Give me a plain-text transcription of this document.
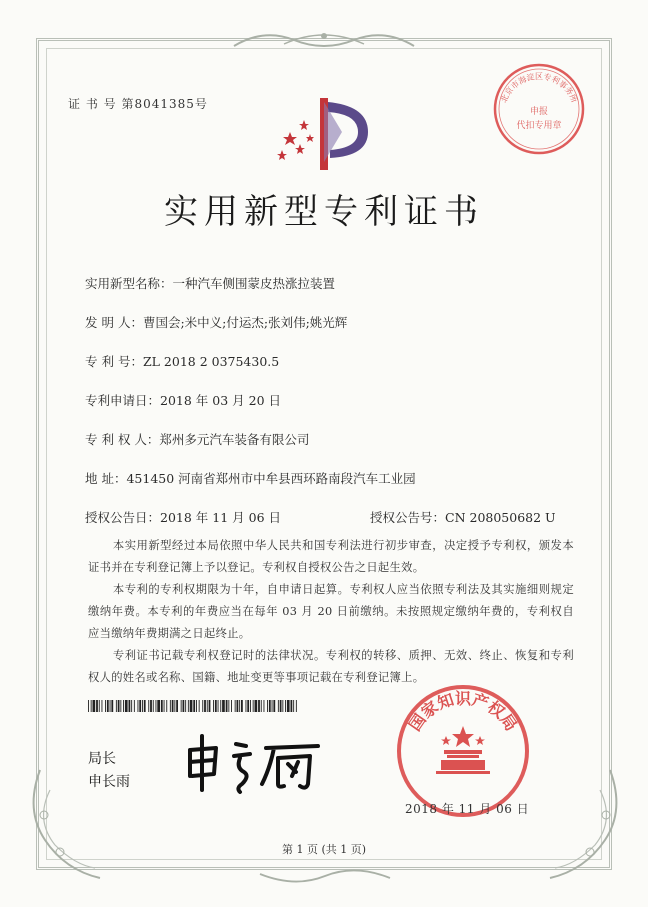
证 书 号 第8041385号
实用新型专利证书
实用新型名称：一种汽车侧围蒙皮热涨拉装置
发 明 人：曹国会;米中义;付运杰;张刘伟;姚光辉
专 利 号：ZL 2018 2 0375430.5
专利申请日：2018 年 03 月 20 日
专 利 权 人：郑州多元汽车装备有限公司
地 址：451450 河南省郑州市中牟县西环路南段汽车工业园
授权公告日：2018 年 11 月 06 日	授权公告号：CN 208050682 U

本实用新型经过本局依照中华人民共和国专利法进行初步审查，决定授予专利权，颁发本证书并在专利登记簿上予以登记。专利权自授权公告之日起生效。

本专利的专利权期限为十年，自申请日起算。专利权人应当依照专利法及其实施细则规定缴纳年费。本专利的年费应当在每年 03 月 20 日前缴纳。未按照规定缴纳年费的，专利权自应当缴纳年费期满之日起终止。

专利证书记载专利权登记时的法律状况。专利权的转移、质押、无效、终止、恢复和专利权人的姓名或名称、国籍、地址变更等事项记载在专利登记簿上。

局长
申长雨
北京市海淀区专利事务所
申报
代扣专用章
国家知识产权局
2018 年 11 月 06 日
第 1 页 (共 1 页)
